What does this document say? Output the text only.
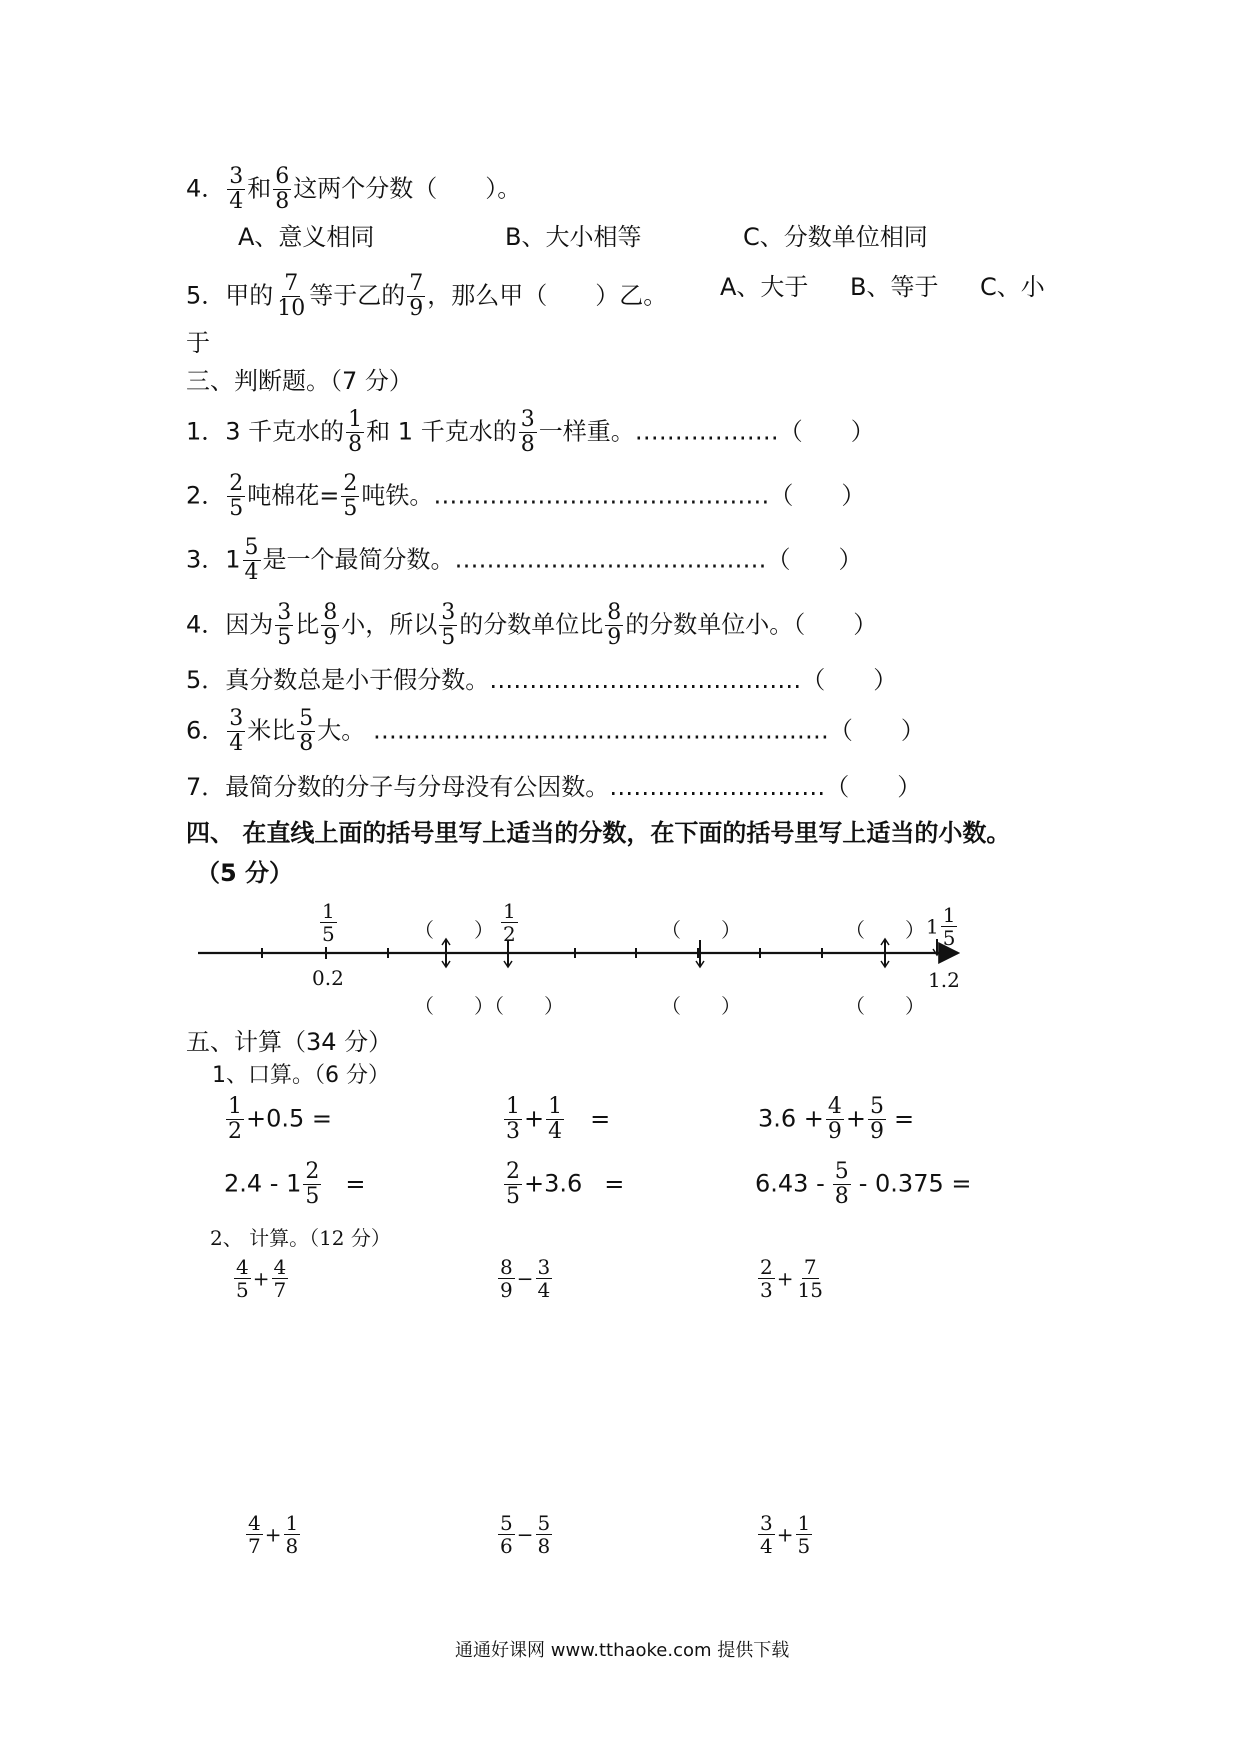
4． $\frac{3}{4}$ 和 $\frac{6}{8}$ 这两个分数（　　）。
A、意义相同	B、大小相等	C、分数单位相同
5．甲的 $\frac{7}{10}$ 等于乙的 $\frac{7}{9}$ ，那么甲（　　）乙。 A、大于 B、等于 C、小
于
三、判断题。（7 分）
1．3 千克水的 $\frac{1}{8}$ 和 1 千克水的 $\frac{3}{8}$ 一样重。………………（　　）
2． $\frac{2}{5}$ 吨棉花= $\frac{2}{5}$ 吨铁。……………………………………（　　）
3．$1 \frac{5}{4}$ 是一个最简分数。…………………………………（　　）
4．因为 $\frac{3}{5}$ 比 $\frac{8}{9}$ 小，所以 $\frac{3}{5}$ 的分数单位比 $\frac{8}{9}$ 的分数单位小。（　　）
5．真分数总是小于假分数。…………………………………（　　）
6． $\frac{3}{4}$ 米比 $\frac{5}{8}$ 大。 …………………………………………………（　　）
7．最简分数的分子与分母没有公因数。………………………（　　）
四、 在直线上面的括号里写上适当的分数，在下面的括号里写上适当的小数。
（5 分）
$\frac{1}{5}$	（　　） $\frac{1}{2}$	（　　）	（　　） $1 \frac{1}{5}$
0.2
（　　）（　　）	（　　）	（　　）
1.2
五、计算（34 分）
1、口算。（6 分）
$\frac{1}{2} +0.5$ =	$\frac{1}{3} + \frac{1}{4}$ =	$3.6 + \frac{4}{9} + \frac{5}{9}$ =
$2.4 - 1 \frac{2}{5}$ =	$\frac{2}{5} +3.6$ =	$6.43 - \frac{5}{8} - 0.375$ =
2、 计算。（12 分）
$\frac{4}{5} + \frac{4}{7}$	$\frac{8}{9} - \frac{3}{4}$	$\frac{2}{3} + \frac{7}{15}$
$\frac{4}{7} + \frac{1}{8}$	$\frac{5}{6} - \frac{5}{8}$	$\frac{3}{4} + \frac{1}{5}$
通通好课网 www.tthaoke.com 提供下载
